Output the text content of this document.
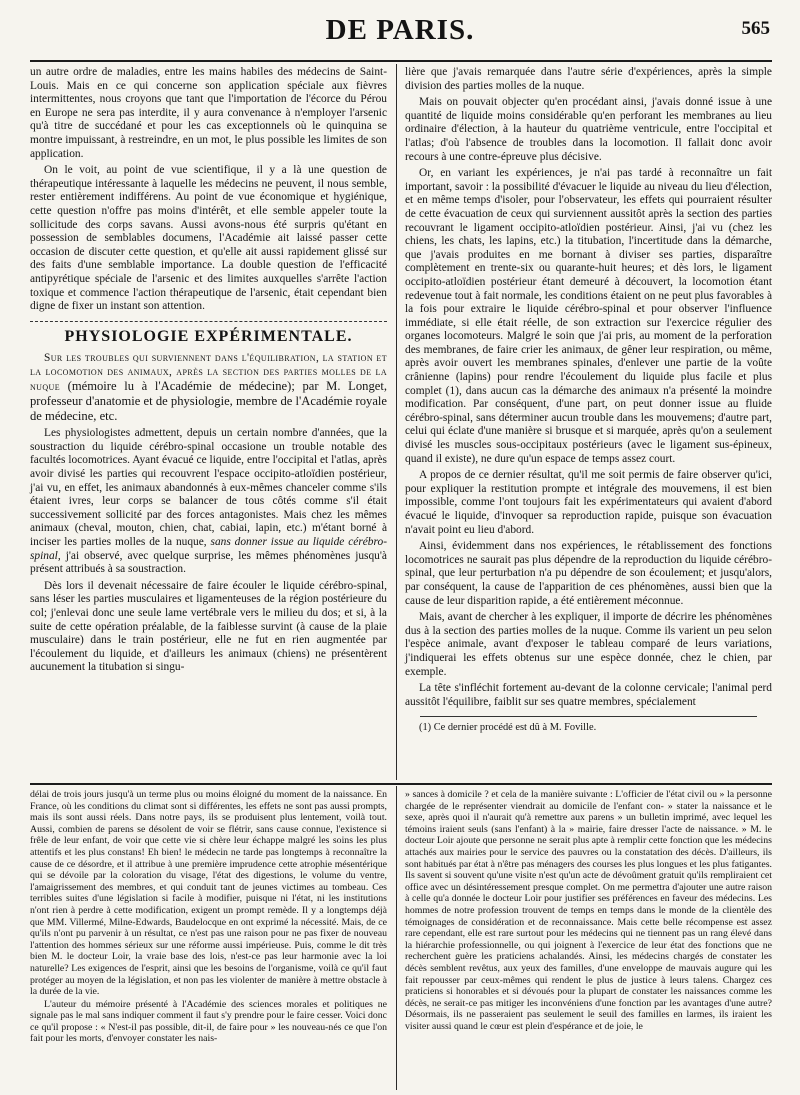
DE PARIS.	565

un autre ordre de maladies, entre les mains habiles des médecins de Saint-Louis. Mais en ce qui concerne son application spéciale aux fièvres intermittentes, nous croyons que tant que l'importation de l'écorce du Pérou en Europe ne sera pas interdite, il y aura convenance à n'employer l'arsenic qu'à titre de succédané et pour les cas exceptionnels où le quinquina se montre impuissant, à restreindre, en un mot, le plus possible les limites de son application.

On le voit, au point de vue scientifique, il y a là une question de thérapeutique intéressante à laquelle les médecins ne peuvent, il nous semble, rester entièrement indifférens. Au point de vue économique et hygiénique, cette question n'offre pas moins d'intérêt, et elle semble appeler toute la sollicitude des corps savans. Aussi avons-nous été surpris qu'étant en possession de semblables documens, l'Académie ait laissé passer cette occasion de discuter cette question, et qu'elle ait aussi rapidement glissé sur des faits d'une semblable importance. La double question de l'efficacité antipyrétique spéciale de l'arsenic et des limites auxquelles s'arrête l'action toxique et commence l'action thérapeutique de l'arsenic, était cependant bien digne de fixer un instant son attention.

PHYSIOLOGIE EXPÉRIMENTALE.

Sur les troubles qui surviennent dans l'équilibration, la station et la locomotion des animaux, après la section des parties molles de la nuque (mémoire lu à l'Académie de médecine); par M. Longet, professeur d'anatomie et de physiologie, membre de l'Académie royale de médecine, etc.

Les physiologistes admettent, depuis un certain nombre d'années, que la soustraction du liquide cérébro-spinal occasione un trouble notable des facultés locomotrices. Ayant évacué ce liquide, entre l'occipital et l'atlas, après avoir divisé les parties qui recouvrent l'espace occipito-atloïdien postérieur, j'ai vu, en effet, les animaux abandonnés à eux-mêmes chanceler comme s'ils étaient ivres, leur corps se balancer de tous côtés comme s'il était successivement sollicité par des forces antagonistes. Mais chez les mêmes animaux (cheval, mouton, chien, chat, cabiai, lapin, etc.) m'étant borné à inciser les parties molles de la nuque, sans donner issue au liquide cérébro-spinal, j'ai observé, avec quelque surprise, les mêmes phénomènes jusqu'à présent attribués à sa soustraction.

Dès lors il devenait nécessaire de faire écouler le liquide cérébro-spinal, sans léser les parties musculaires et ligamenteuses de la région postérieure du col; j'enlevai donc une seule lame vertébrale vers le milieu du dos; et si, à la suite de cette opération préalable, de la faiblesse survint (à cause de la plaie musculaire) dans le train postérieur, elle ne fut en rien augmentée par l'écoulement du liquide, et d'ailleurs les animaux (chiens) ne présentèrent aucunement la titubation si singu-

lière que j'avais remarquée dans l'autre série d'expériences, après la simple division des parties molles de la nuque.

Mais on pouvait objecter qu'en procédant ainsi, j'avais donné issue à une quantité de liquide moins considérable qu'en perforant les membranes au lieu ordinaire d'élection, à la hauteur du quatrième ventricule, entre l'occipital et l'atlas; d'où l'absence de troubles dans la locomotion. Il fallait donc avoir recours à une contre-épreuve plus décisive.

Or, en variant les expériences, je n'ai pas tardé à reconnaître un fait important, savoir : la possibilité d'évacuer le liquide au niveau du lieu d'élection, et en même temps d'isoler, pour l'observateur, les effets qui pourraient résulter de cette évacuation de ceux qui surviennent aussitôt après la section des parties recouvrant le ligament occipito-atloïdien postérieur. Ainsi, j'ai vu (chez les chiens, les chats, les lapins, etc.) la titubation, l'incertitude dans la démarche, que j'avais produites en me bornant à diviser ses parties, disparaître complètement en trente-six ou quarante-huit heures; et dès lors, le ligament occipito-atloïdien postérieur étant demeuré à découvert, la locomotion étant redevenue tout à fait normale, les conditions étaient on ne peut plus favorables à la fois pour extraire le liquide cérébro-spinal et pour observer l'influence immédiate, si elle était réelle, de son extraction sur l'exercice régulier des organes locomoteurs. Malgré le soin que j'ai pris, au moment de la perforation des membranes, de faire crier les animaux, de gêner leur respiration, ou même, après avoir ouvert les membranes spinales, d'enlever une partie de la voûte crânienne (lapins) pour rendre l'écoulement du liquide plus facile et plus complet (1), dans aucun cas la démarche des animaux n'a présenté la moindre modification. Par conséquent, d'une part, on peut donner issue au fluide cérébro-spinal, sans déterminer aucun trouble dans les mouvemens; d'autre part, celui qui éclate d'une manière si brusque et si marquée, après qu'on a seulement divisé les muscles sous-occipitaux postérieurs (avec le ligament sus-épineux, quand il existe), ne dure qu'un espace de temps assez court.

A propos de ce dernier résultat, qu'il me soit permis de faire observer qu'ici, pour expliquer la restitution prompte et intégrale des mouvemens, il est bien impossible, comme l'ont toujours fait les expérimentateurs qui avaient d'abord évacué le liquide, d'invoquer sa reproduction rapide, puisque son évacuation n'avait point eu lieu d'abord.

Ainsi, évidemment dans nos expériences, le rétablissement des fonctions locomotrices ne saurait pas plus dépendre de la reproduction du liquide cérébro-spinal, que leur perturbation n'a pu dépendre de son écoulement; et jusqu'alors, par conséquent, la cause de l'apparition de ces phénomènes, aussi bien que la cause de leur disparition rapide, a été entièrement méconnue.

Mais, avant de chercher à les expliquer, il importe de décrire les phénomènes dus à la section des parties molles de la nuque. Comme ils varient un peu selon l'espèce animale, avant d'exposer le tableau comparé de leurs variations, j'indiquerai les effets obtenus sur une espèce donnée, chez le chien, par exemple.

La tête s'infléchit fortement au-devant de la colonne cervicale; l'animal perd aussitôt l'équilibre, faiblit sur ses quatre membres, spécialement

(1) Ce dernier procédé est dû à M. Foville.

délai de trois jours jusqu'à un terme plus ou moins éloigné du moment de la naissance. En France, où les conditions du climat sont si différentes, les effets ne sont pas aussi prompts, mais ils sont aussi réels. Dans notre pays, ils se produisent plus lentement, voilà tout. Aussi, combien de parens se désolent de voir se flétrir, sans cause connue, l'existence si frêle de leur enfant, de voir que cette vie si chère leur échappe malgré les soins les plus attentifs et les plus constans! Eh bien! le médecin ne tarde pas longtemps à reconnaître la cause de ce désordre, et il attribue à une première imprudence cette atrophie mésentérique qui se dévoile par la coloration du visage, l'état des digestions, le volume du ventre, l'amaigrissement des membres, et qui conduit tant de jeunes victimes au tombeau. Ces terribles suites d'une législation si facile à modifier, puisque ni l'état, ni les institutions n'ont rien à perdre à cette modification, exigent un prompt remède. Il y a longtemps déjà que MM. Villermé, Milne-Edwards, Baudelocque en ont exprimé la nécessité. Mais, de ce qu'ils n'ont pu parvenir à un résultat, ce n'est pas une raison pour ne pas fixer de nouveau l'attention des hommes sérieux sur une réforme aussi impérieuse. Puis, comme le dit très bien M. le docteur Loir, la vraie base des lois, n'est-ce pas leur harmonie avec la loi naturelle? Les exigences de l'esprit, ainsi que les besoins de l'organisme, voilà ce qu'il faut protéger au moyen de la législation, et non pas les violenter de manière à mettre obstacle à la durée de la vie.

L'auteur du mémoire présenté à l'Académie des sciences morales et politiques ne signale pas le mal sans indiquer comment il faut s'y prendre pour le faire cesser. Voici donc ce qu'il propose : « N'est-il pas possible, dit-il, de faire pour » les nouveau-nés ce que l'on fait pour les morts, d'envoyer constater les nais-

» sances à domicile ? et cela de la manière suivante : L'officier de l'état civil ou » la personne chargée de le représenter viendrait au domicile de l'enfant con- » stater la naissance et le sexe, après quoi il n'aurait qu'à remettre aux parens » un bulletin imprimé, avec lequel les témoins iraient seuls (sans l'enfant) à la » mairie, faire dresser l'acte de naissance. » M. le docteur Loir ajoute que personne ne serait plus apte à remplir cette fonction que les médecins attachés aux mairies pour le service des pauvres ou la constatation des décès. D'ailleurs, ils sont habitués par état à n'être pas ménagers des courses les plus longues et les plus fatigantes. Ils savent si souvent qu'une visite n'est qu'un acte de dévoûment gratuit qu'ils rempliraient cet office avec un désintéressement presque complet. On me permettra d'ajouter une autre raison à celle qu'a donnée le docteur Loir pour justifier ses préférences en faveur des médecins. Les hommes de notre profession trouvent de temps en temps dans le monde de la clientèle des témoignages de considération et de reconnaissance. Mais cette belle récompense est assez rare cependant, elle est rare surtout pour les médecins qui ne tiennent pas un rang élevé dans la hiérarchie professionnelle, ou qui joignent à l'exercice de leur état des fonctions que ne recherchent guère les praticiens achalandés. Ainsi, les médecins chargés de constater les décès semblent revêtus, aux yeux des familles, d'une enveloppe de mauvais augure qui les fait repousser par ceux-mêmes qui rendent le plus de justice à leurs talens. Chargez ces praticiens si honorables et si dévoués pour la plupart de constater les naissances comme les décès, ne serait-ce pas mitiger les inconvéniens d'une fonction par les avantages d'une autre? Désormais, ils ne passeraient pas seulement le seuil des familles en larmes, ils iraient les visiter aussi quand le cœur est plein d'espérance et de joie, le
